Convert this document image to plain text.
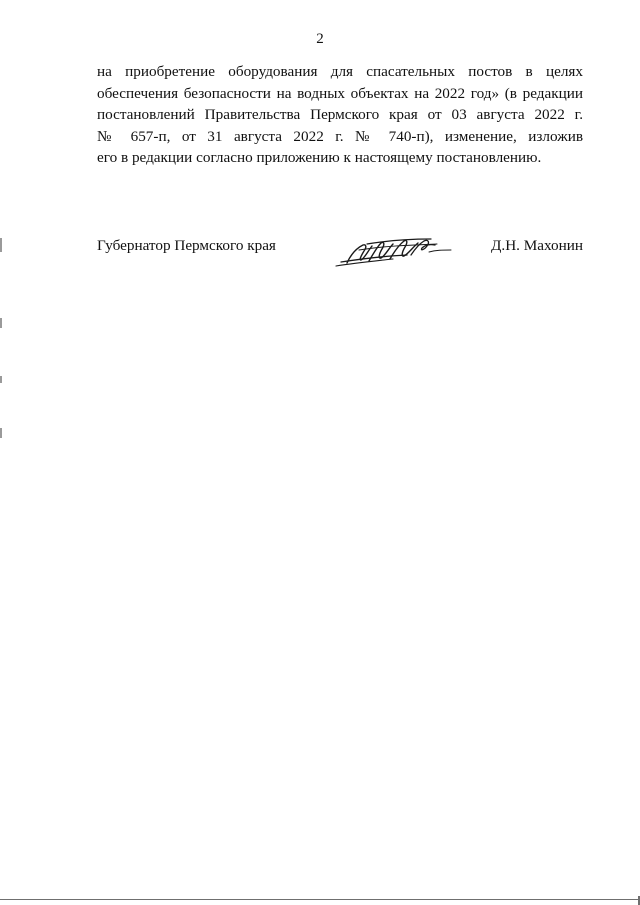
2
на приобретение оборудования для спасательных постов в целях
обеспечения безопасности на водных объектах на 2022 год» (в редакции
постановлений Правительства Пермского края от 03 августа 2022 г.
№ 657-п, от 31 августа 2022 г. № 740-п), изменение, изложив
его в редакции согласно приложению к настоящему постановлению.
Губернатор Пермского края	Д.Н. Махонин
